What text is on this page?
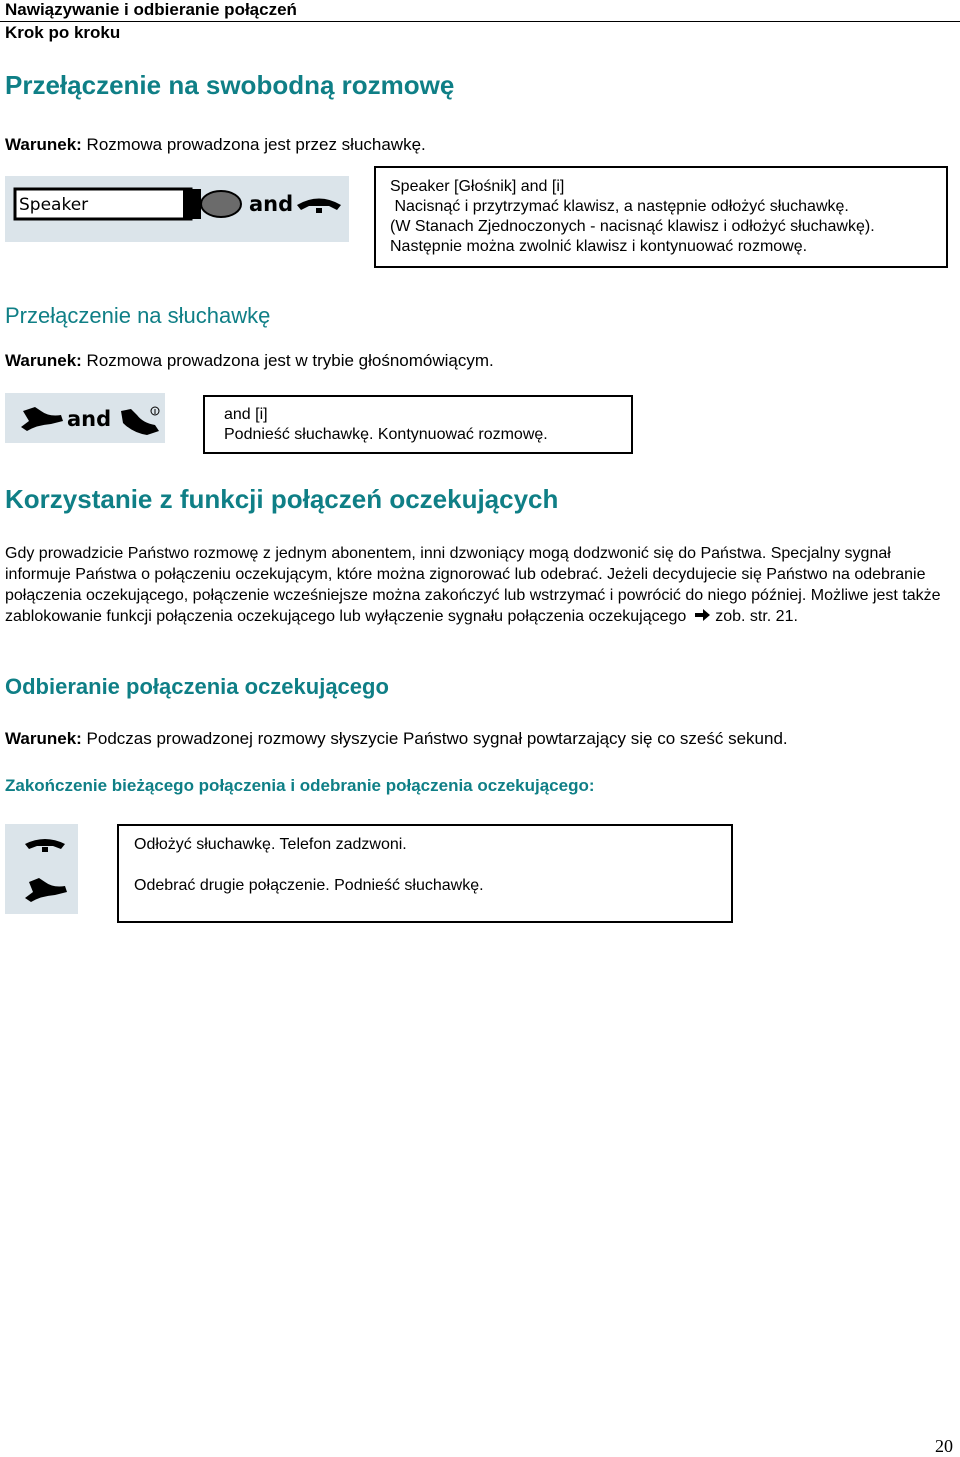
Nawiązywanie i odbieranie połączeń
Krok po kroku
Przełączenie na swobodną rozmowę
Warunek: Rozmowa prowadzona jest przez słuchawkę.
Speaker	and
Speaker [Głośnik] and [i]
Nacisnąć i przytrzymać klawisz, a następnie odłożyć słuchawkę.
(W Stanach Zjednoczonych - nacisnąć klawisz i odłożyć słuchawkę).
Następnie można zwolnić klawisz i kontynuować rozmowę.
Przełączenie na słuchawkę
Warunek: Rozmowa prowadzona jest w trybie głośnomówiącym.
and	and [i]
Podnieść słuchawkę. Kontynuować rozmowę.
Korzystanie z funkcji połączeń oczekujących
Gdy prowadzicie Państwo rozmowę z jednym abonentem, inni dzwoniący mogą dodzwonić się do Państwa. Specjalny sygnał informuje Państwa o połączeniu oczekującym, które można zignorować lub odebrać. Jeżeli decydujecie się Państwo na odebranie połączenia oczekującego, połączenie wcześniejsze można zakończyć lub wstrzymać i powrócić do niego później. Możliwe jest także zablokowanie funkcji połączenia oczekującego lub wyłączenie sygnału połączenia oczekującego  zob. str. 21.
Odbieranie połączenia oczekującego
Warunek: Podczas prowadzonej rozmowy słyszycie Państwo sygnał powtarzający się co sześć sekund.
Zakończenie bieżącego połączenia i odebranie połączenia oczekującego:
Odłożyć słuchawkę. Telefon zadzwoni.
Odebrać drugie połączenie. Podnieść słuchawkę.
20
